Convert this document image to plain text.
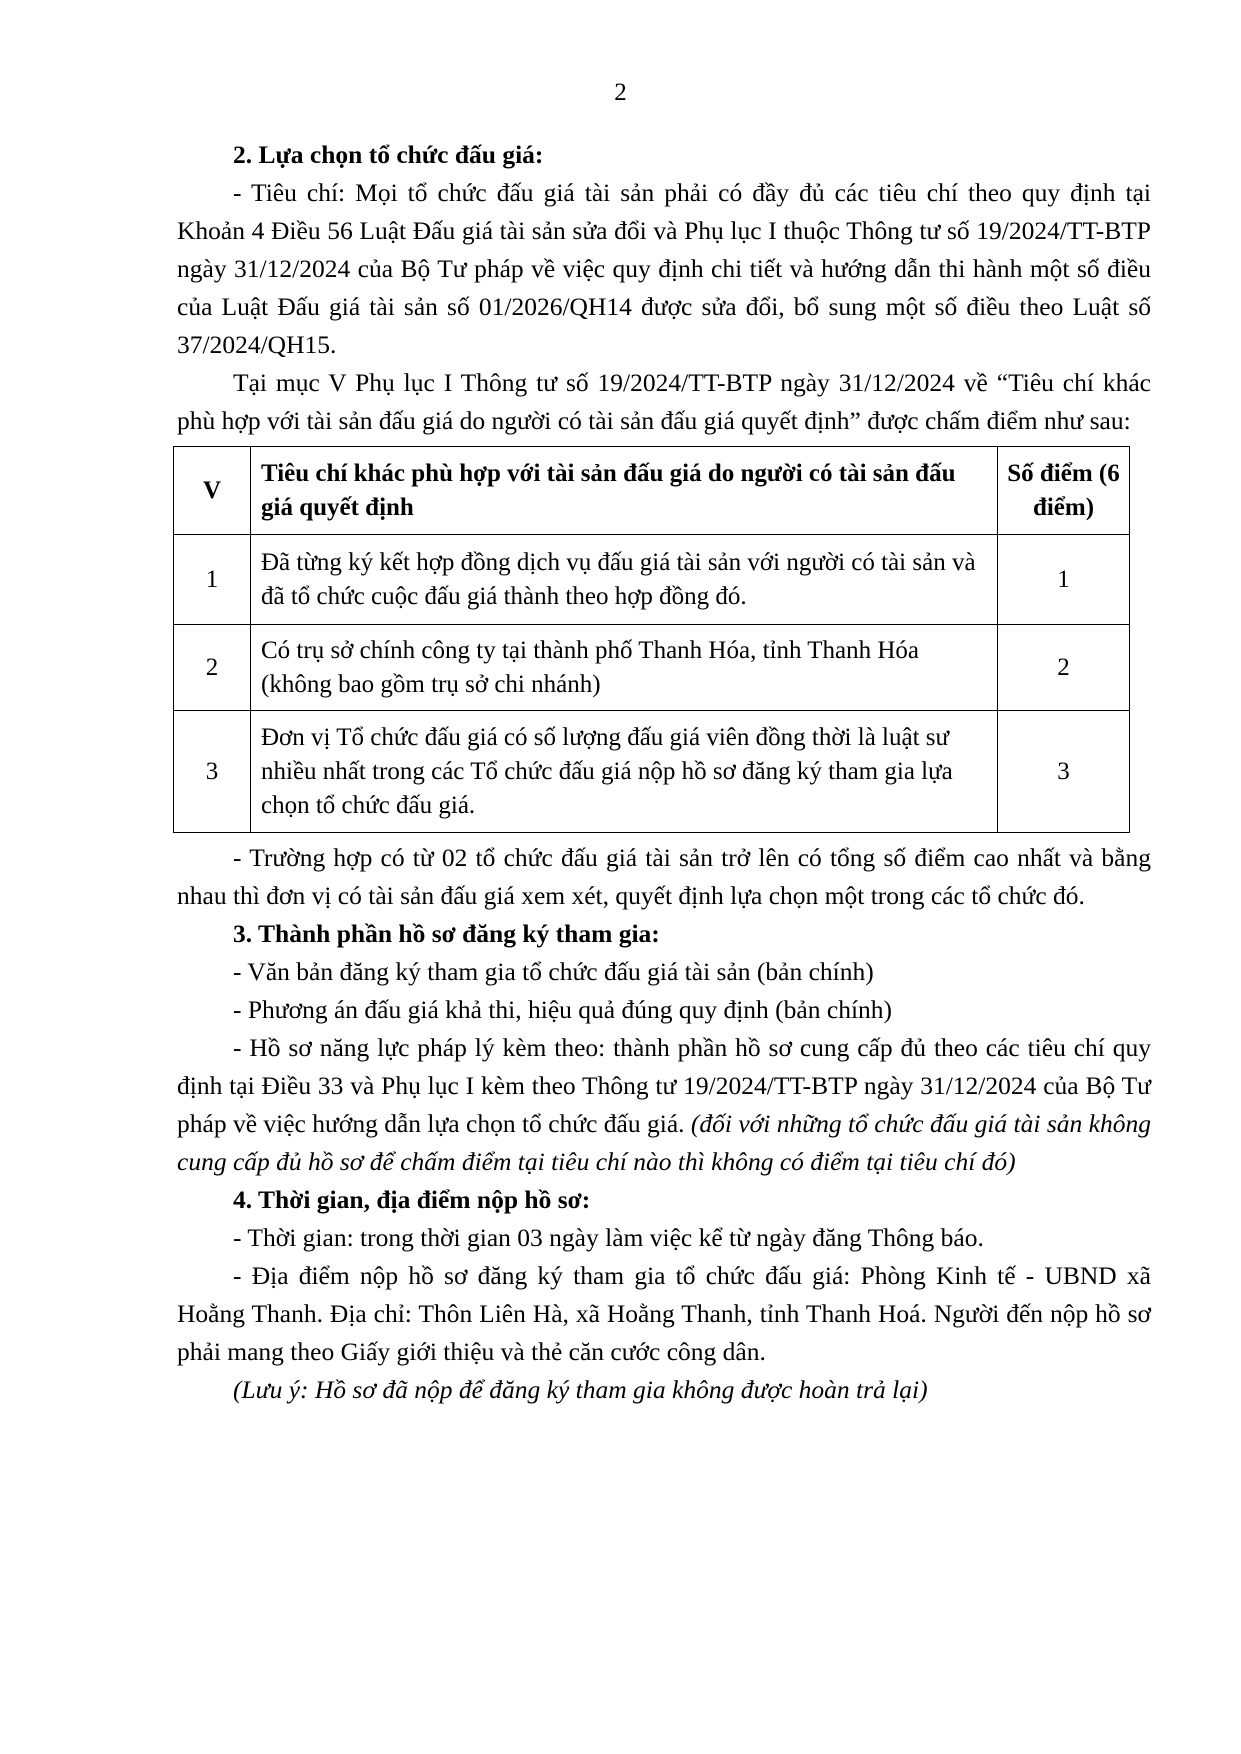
2

2. Lựa chọn tổ chức đấu giá:

- Tiêu chí: Mọi tổ chức đấu giá tài sản phải có đầy đủ các tiêu chí theo quy định tại Khoản 4 Điều 56 Luật Đấu giá tài sản sửa đổi và Phụ lục I thuộc Thông tư số 19/2024/TT-BTP ngày 31/12/2024 của Bộ Tư pháp về việc quy định chi tiết và hướng dẫn thi hành một số điều của Luật Đấu giá tài sản số 01/2026/QH14 được sửa đổi, bổ sung một số điều theo Luật số 37/2024/QH15.

Tại mục V Phụ lục I Thông tư số 19/2024/TT-BTP ngày 31/12/2024 về “Tiêu chí khác phù hợp với tài sản đấu giá do người có tài sản đấu giá quyết định” được chấm điểm như sau:

V	Tiêu chí khác phù hợp với tài sản đấu giá do người có tài sản đấu giá quyết định	Số điểm (6 điểm)
1	Đã từng ký kết hợp đồng dịch vụ đấu giá tài sản với người có tài sản và đã tổ chức cuộc đấu giá thành theo hợp đồng đó.	1
2	Có trụ sở chính công ty tại thành phố Thanh Hóa, tỉnh Thanh Hóa (không bao gồm trụ sở chi nhánh)	2
3	Đơn vị Tổ chức đấu giá có số lượng đấu giá viên đồng thời là luật sư nhiều nhất trong các Tổ chức đấu giá nộp hồ sơ đăng ký tham gia lựa chọn tổ chức đấu giá.	3

- Trường hợp có từ 02 tổ chức đấu giá tài sản trở lên có tổng số điểm cao nhất và bằng nhau thì đơn vị có tài sản đấu giá xem xét, quyết định lựa chọn một trong các tổ chức đó.

3. Thành phần hồ sơ đăng ký tham gia:

- Văn bản đăng ký tham gia tổ chức đấu giá tài sản (bản chính)

- Phương án đấu giá khả thi, hiệu quả đúng quy định (bản chính)

- Hồ sơ năng lực pháp lý kèm theo: thành phần hồ sơ cung cấp đủ theo các tiêu chí quy định tại Điều 33 và Phụ lục I kèm theo Thông tư 19/2024/TT-BTP ngày 31/12/2024 của Bộ Tư pháp về việc hướng dẫn lựa chọn tổ chức đấu giá. (đối với những tổ chức đấu giá tài sản không cung cấp đủ hồ sơ để chấm điểm tại tiêu chí nào thì không có điểm tại tiêu chí đó)

4. Thời gian, địa điểm nộp hồ sơ:

- Thời gian: trong thời gian 03 ngày làm việc kể từ ngày đăng Thông báo.

- Địa điểm nộp hồ sơ đăng ký tham gia tổ chức đấu giá: Phòng Kinh tế - UBND xã Hoằng Thanh. Địa chỉ: Thôn Liên Hà, xã Hoằng Thanh, tỉnh Thanh Hoá. Người đến nộp hồ sơ phải mang theo Giấy giới thiệu và thẻ căn cước công dân.

(Lưu ý: Hồ sơ đã nộp để đăng ký tham gia không được hoàn trả lại)
